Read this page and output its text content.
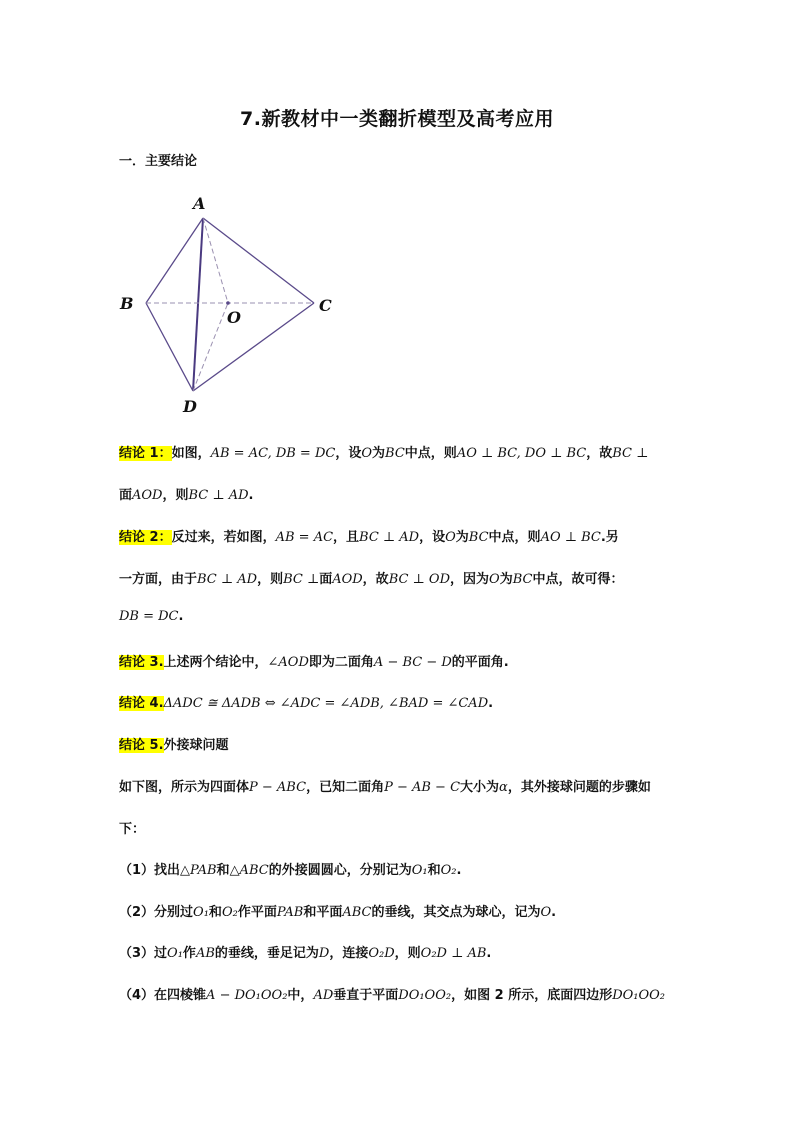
7.新教材中一类翻折模型及高考应用
一．主要结论
A
B	C
D
O
结论 1：如图，AB = AC, DB = DC，设O为BC中点，则AO ⊥ BC, DO ⊥ BC，故BC ⊥
面AOD，则BC ⊥ AD.
结论 2：反过来，若如图，AB = AC，且BC ⊥ AD，设O为BC中点，则AO ⊥ BC.另
一方面，由于BC ⊥ AD，则BC ⊥面AOD，故BC ⊥ OD，因为O为BC中点，故可得：
DB = DC.
结论 3.上述两个结论中，∠AOD即为二面角A − BC − D的平面角.
结论 4.ΔADC ≅ ΔADB ⇔ ∠ADC = ∠ADB, ∠BAD = ∠CAD.
结论 5.外接球问题
如下图，所示为四面体P − ABC，已知二面角P − AB − C大小为α，其外接球问题的步骤如
下：
（1）找出△PAB和△ABC的外接圆圆心，分别记为O₁和O₂.
（2）分别过O₁和O₂作平面PAB和平面ABC的垂线，其交点为球心，记为O.
（3）过O₁作AB的垂线，垂足记为D，连接O₂D，则O₂D ⊥ AB.
（4）在四棱锥A − DO₁OO₂中，AD垂直于平面DO₁OO₂，如图 2 所示，底面四边形DO₁OO₂
